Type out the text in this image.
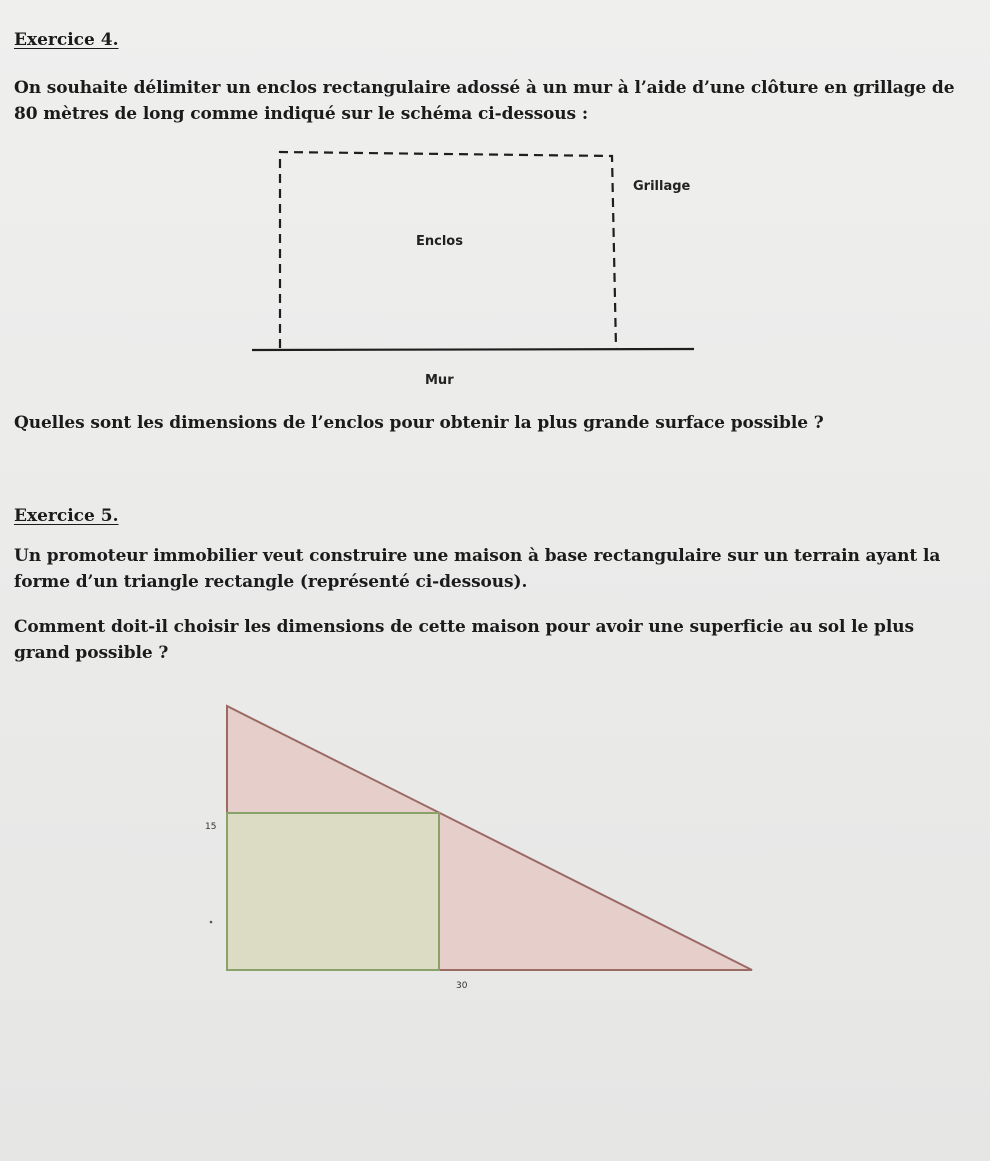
Exercice 4.

On souhaite délimiter un enclos rectangulaire adossé à un mur à l’aide d’une clôture en grillage de 80 mètres de long comme indiqué sur le schéma ci-dessous :

Grillage
Enclos
Mur

Quelles sont les dimensions de l’enclos pour obtenir la plus grande surface possible ?

Exercice 5.

Un promoteur immobilier veut construire une maison à base rectangulaire sur un terrain ayant la forme d’un triangle rectangle (représenté ci-dessous).

Comment doit-il choisir les dimensions de cette maison pour avoir une superficie au sol le plus grand possible ?

15
30
